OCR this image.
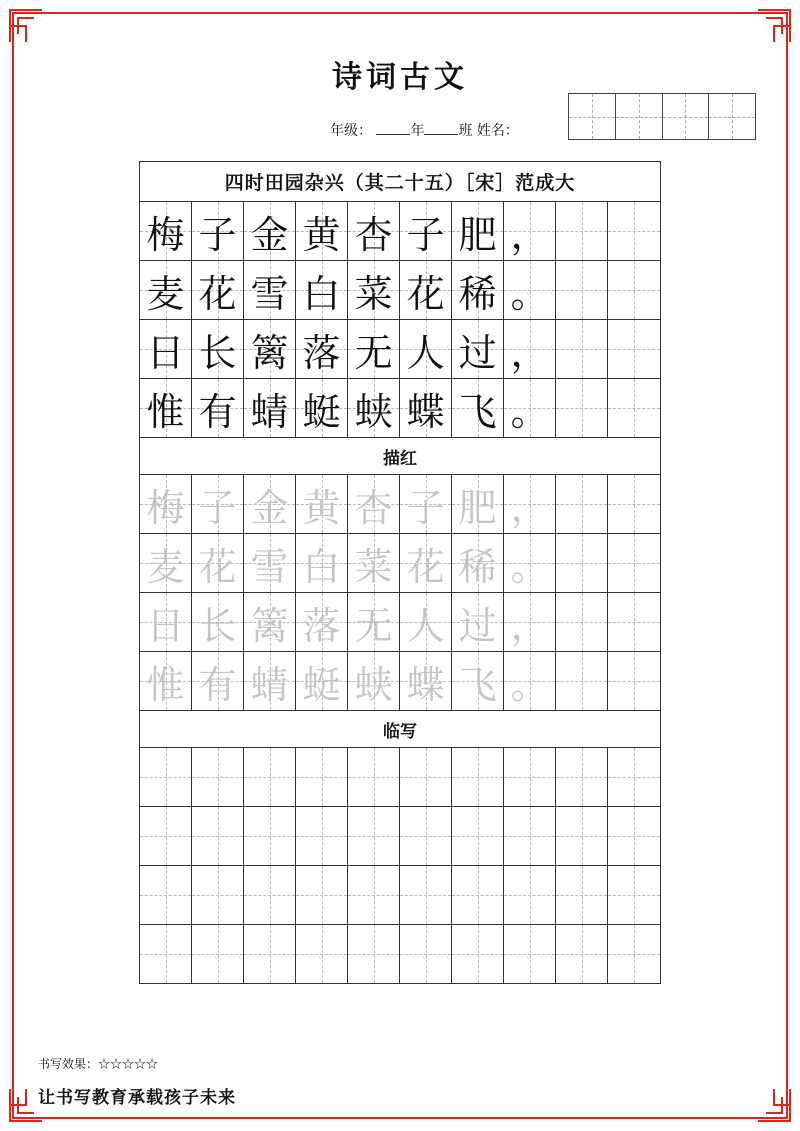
诗词古文
年级：	年 班 姓名：
四时田园杂兴（其二十五）［宋］范成大
梅 子 金 黄 杏 子 肥 ，
麦 花 雪 白 菜 花 稀 。
日 长 篱 落 无 人 过 ，
惟 有 蜻 蜓 蛱 蝶 飞 。
描红
梅 子 金 黄 杏 子 肥 ，
麦 花 雪 白 菜 花 稀 。
日 长 篱 落 无 人 过 ，
惟 有 蜻 蜓 蛱 蝶 飞 。
临写
书写效果：☆☆☆☆☆
让书写教育承载孩子未来
